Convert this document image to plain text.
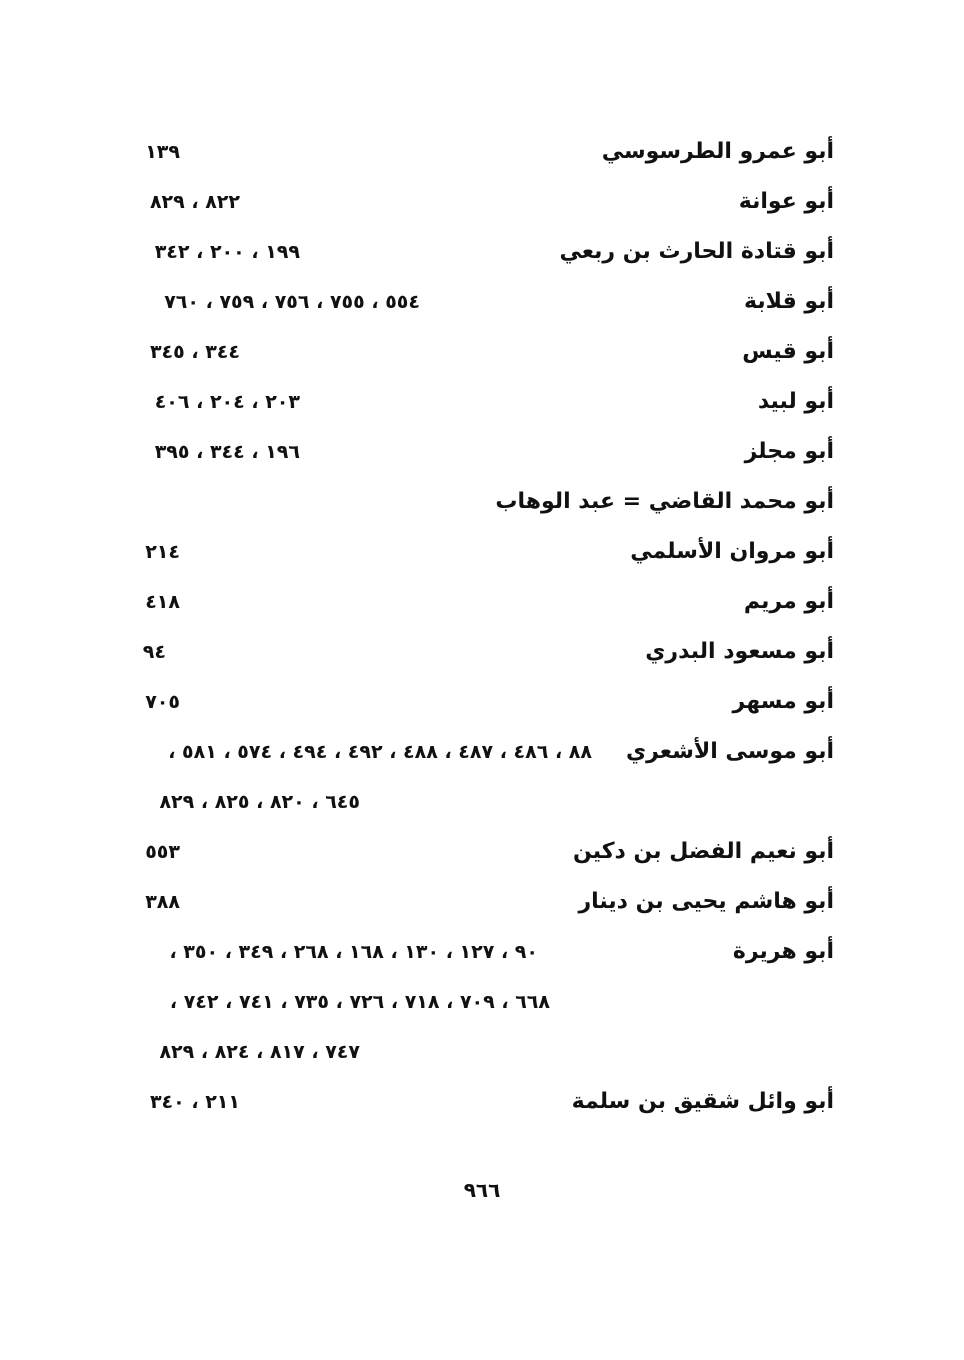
أبو عمرو الطرسوسي
١٣٩
أبو عوانة
٨٢٢ ، ٨٢٩
أبو قتادة الحارث بن ربعي
١٩٩ ، ٢٠٠ ، ٣٤٢
أبو قلابة
٥٥٤ ، ٧٥٥ ، ٧٥٦ ، ٧٥٩ ، ٧٦٠
أبو قيس
٣٤٤ ، ٣٤٥
أبو لبيد
٢٠٣ ، ٢٠٤ ، ٤٠٦
أبو مجلز
١٩٦ ، ٣٤٤ ، ٣٩٥
أبو محمد القاضي = عبد الوهاب
أبو مروان الأسلمي
٢١٤
أبو مريم
٤١٨
أبو مسعود البدري
٩٤
أبو مسهر
٧٠٥
أبو موسى الأشعري
٨٨ ، ٤٨٦ ، ٤٨٧ ، ٤٨٨ ، ٤٩٢ ، ٤٩٤ ، ٥٧٤ ، ٥٨١ ،
٦٤٥ ، ٨٢٠ ، ٨٢٥ ، ٨٢٩
أبو نعيم الفضل بن دكين
٥٥٣
أبو هاشم يحيى بن دينار
٣٨٨
أبو هريرة
٩٠ ، ١٢٧ ، ١٣٠ ، ١٦٨ ، ٢٦٨ ، ٣٤٩ ، ٣٥٠ ،
٦٦٨ ، ٧٠٩ ، ٧١٨ ، ٧٢٦ ، ٧٣٥ ، ٧٤١ ، ٧٤٢ ،
٧٤٧ ، ٨١٧ ، ٨٢٤ ، ٨٢٩
أبو وائل شقيق بن سلمة
٢١١ ، ٣٤٠
٩٦٦
